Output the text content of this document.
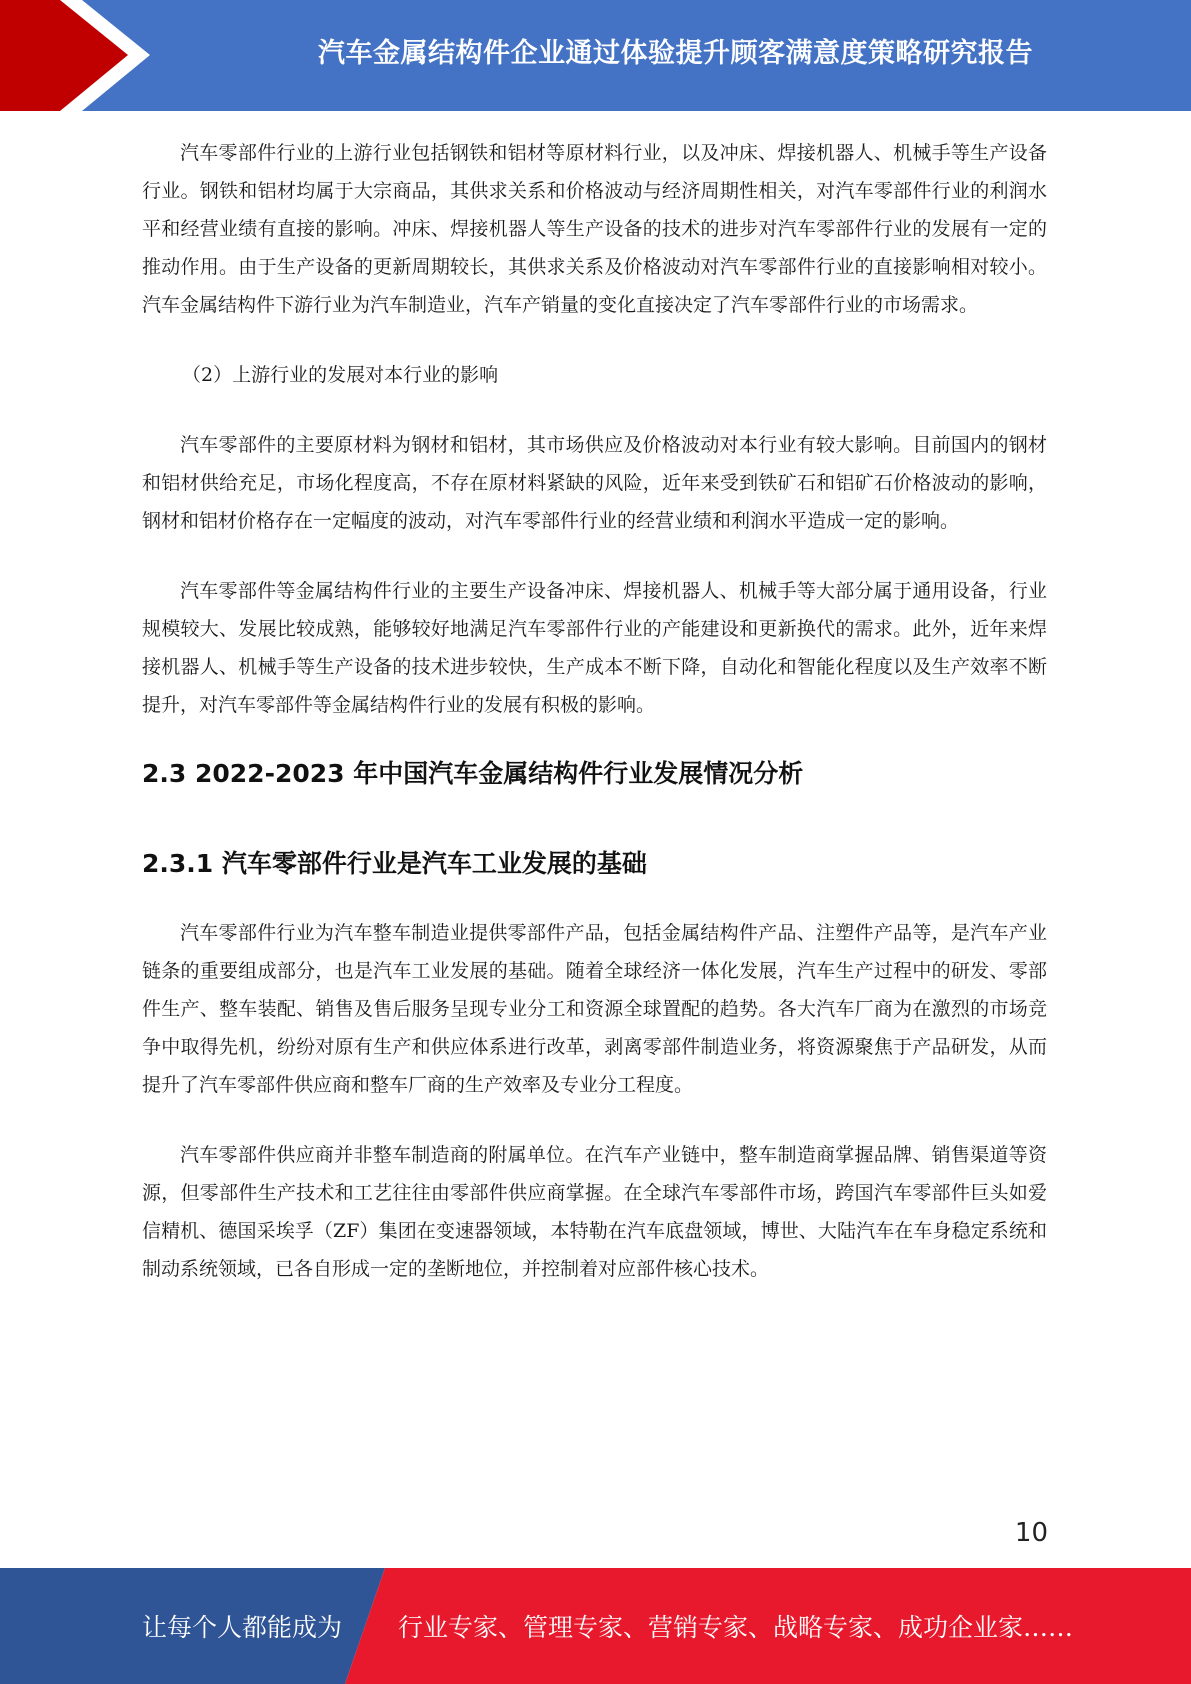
汽车金属结构件企业通过体验提升顾客满意度策略研究报告

汽车零部件行业的上游行业包括钢铁和铝材等原材料行业，以及冲床、焊接机器人、机械手等生产设备行业。钢铁和铝材均属于大宗商品，其供求关系和价格波动与经济周期性相关，对汽车零部件行业的利润水平和经营业绩有直接的影响。冲床、焊接机器人等生产设备的技术的进步对汽车零部件行业的发展有一定的推动作用。由于生产设备的更新周期较长，其供求关系及价格波动对汽车零部件行业的直接影响相对较小。汽车金属结构件下游行业为汽车制造业，汽车产销量的变化直接决定了汽车零部件行业的市场需求。

（2）上游行业的发展对本行业的影响

汽车零部件的主要原材料为钢材和铝材，其市场供应及价格波动对本行业有较大影响。目前国内的钢材和铝材供给充足，市场化程度高，不存在原材料紧缺的风险，近年来受到铁矿石和铝矿石价格波动的影响，钢材和铝材价格存在一定幅度的波动，对汽车零部件行业的经营业绩和利润水平造成一定的影响。

汽车零部件等金属结构件行业的主要生产设备冲床、焊接机器人、机械手等大部分属于通用设备，行业规模较大、发展比较成熟，能够较好地满足汽车零部件行业的产能建设和更新换代的需求。此外，近年来焊接机器人、机械手等生产设备的技术进步较快，生产成本不断下降，自动化和智能化程度以及生产效率不断提升，对汽车零部件等金属结构件行业的发展有积极的影响。

2.3 2022-2023 年中国汽车金属结构件行业发展情况分析
2.3.1 汽车零部件行业是汽车工业发展的基础

汽车零部件行业为汽车整车制造业提供零部件产品，包括金属结构件产品、注塑件产品等，是汽车产业链条的重要组成部分，也是汽车工业发展的基础。随着全球经济一体化发展，汽车生产过程中的研发、零部件生产、整车装配、销售及售后服务呈现专业分工和资源全球置配的趋势。各大汽车厂商为在激烈的市场竞争中取得先机，纷纷对原有生产和供应体系进行改革，剥离零部件制造业务，将资源聚焦于产品研发，从而提升了汽车零部件供应商和整车厂商的生产效率及专业分工程度。

汽车零部件供应商并非整车制造商的附属单位。在汽车产业链中，整车制造商掌握品牌、销售渠道等资源，但零部件生产技术和工艺往往由零部件供应商掌握。在全球汽车零部件市场，跨国汽车零部件巨头如爱信精机、德国采埃孚（ZF）集团在变速器领域，本特勒在汽车底盘领域，博世、大陆汽车在车身稳定系统和制动系统领域，已各自形成一定的垄断地位，并控制着对应部件核心技术。

10
让每个人都能成为 行业专家、管理专家、营销专家、战略专家、成功企业家……
